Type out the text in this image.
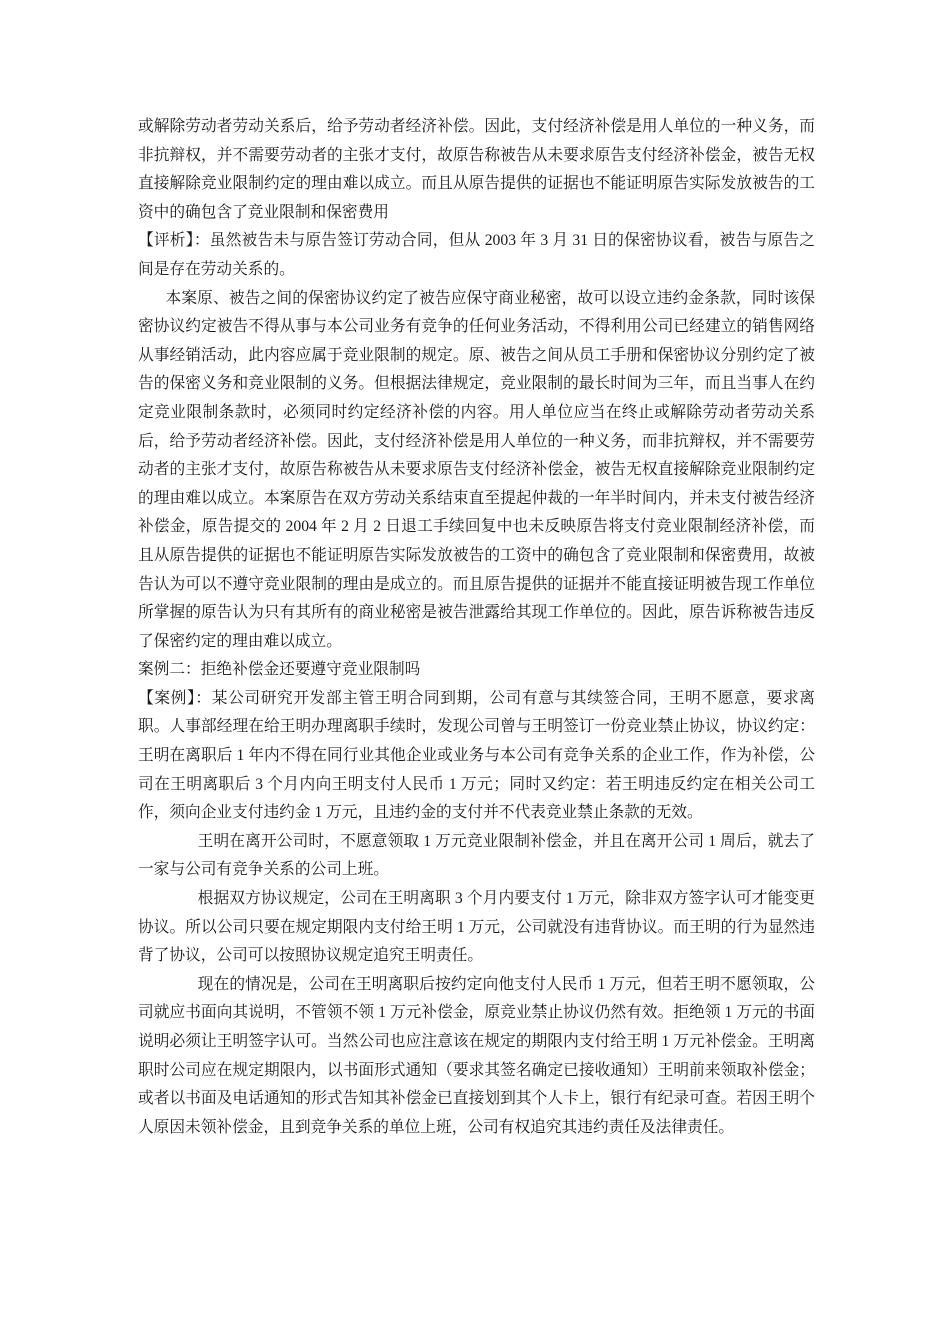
或解除劳动者劳动关系后，给予劳动者经济补偿。因此，支付经济补偿是用人单位的一种义务，而非抗辩权，并不需要劳动者的主张才支付，故原告称被告从未要求原告支付经济补偿金，被告无权直接解除竞业限制约定的理由难以成立。而且从原告提供的证据也不能证明原告实际发放被告的工资中的确包含了竞业限制和保密费用

【评析】：虽然被告未与原告签订劳动合同，但从 2003 年 3 月 31 日的保密协议看，被告与原告之间是存在劳动关系的。

本案原、被告之间的保密协议约定了被告应保守商业秘密，故可以设立违约金条款，同时该保密协议约定被告不得从事与本公司业务有竞争的任何业务活动，不得利用公司已经建立的销售网络从事经销活动，此内容应属于竞业限制的规定。原、被告之间从员工手册和保密协议分别约定了被告的保密义务和竞业限制的义务。但根据法律规定，竞业限制的最长时间为三年，而且当事人在约定竞业限制条款时，必须同时约定经济补偿的内容。用人单位应当在终止或解除劳动者劳动关系后，给予劳动者经济补偿。因此，支付经济补偿是用人单位的一种义务，而非抗辩权，并不需要劳动者的主张才支付，故原告称被告从未要求原告支付经济补偿金，被告无权直接解除竞业限制约定的理由难以成立。本案原告在双方劳动关系结束直至提起仲裁的一年半时间内，并未支付被告经济补偿金，原告提交的 2004 年 2 月 2 日退工手续回复中也未反映原告将支付竞业限制经济补偿，而且从原告提供的证据也不能证明原告实际发放被告的工资中的确包含了竞业限制和保密费用，故被告认为可以不遵守竞业限制的理由是成立的。而且原告提供的证据并不能直接证明被告现工作单位所掌握的原告认为只有其所有的商业秘密是被告泄露给其现工作单位的。因此，原告诉称被告违反了保密约定的理由难以成立。

案例二：拒绝补偿金还要遵守竞业限制吗

【案例】：某公司研究开发部主管王明合同到期，公司有意与其续签合同，王明不愿意，要求离职。人事部经理在给王明办理离职手续时，发现公司曾与王明签订一份竞业禁止协议，协议约定：王明在离职后 1 年内不得在同行业其他企业或业务与本公司有竞争关系的企业工作，作为补偿，公司在王明离职后 3 个月内向王明支付人民币 1 万元；同时又约定：若王明违反约定在相关公司工作，须向企业支付违约金 1 万元，且违约金的支付并不代表竞业禁止条款的无效。

王明在离开公司时，不愿意领取 1 万元竞业限制补偿金，并且在离开公司 1 周后，就去了一家与公司有竞争关系的公司上班。

根据双方协议规定，公司在王明离职 3 个月内要支付 1 万元，除非双方签字认可才能变更协议。所以公司只要在规定期限内支付给王明 1 万元，公司就没有违背协议。而王明的行为显然违背了协议，公司可以按照协议规定追究王明责任。

现在的情况是，公司在王明离职后按约定向他支付人民币 1 万元，但若王明不愿领取，公司就应书面向其说明，不管领不领 1 万元补偿金，原竞业禁止协议仍然有效。拒绝领 1 万元的书面说明必须让王明签字认可。当然公司也应注意该在规定的期限内支付给王明 1 万元补偿金。王明离职时公司应在规定期限内，以书面形式通知（要求其签名确定已接收通知）王明前来领取补偿金；或者以书面及电话通知的形式告知其补偿金已直接划到其个人卡上，银行有纪录可查。若因王明个人原因未领补偿金，且到竞争关系的单位上班，公司有权追究其违约责任及法律责任。
